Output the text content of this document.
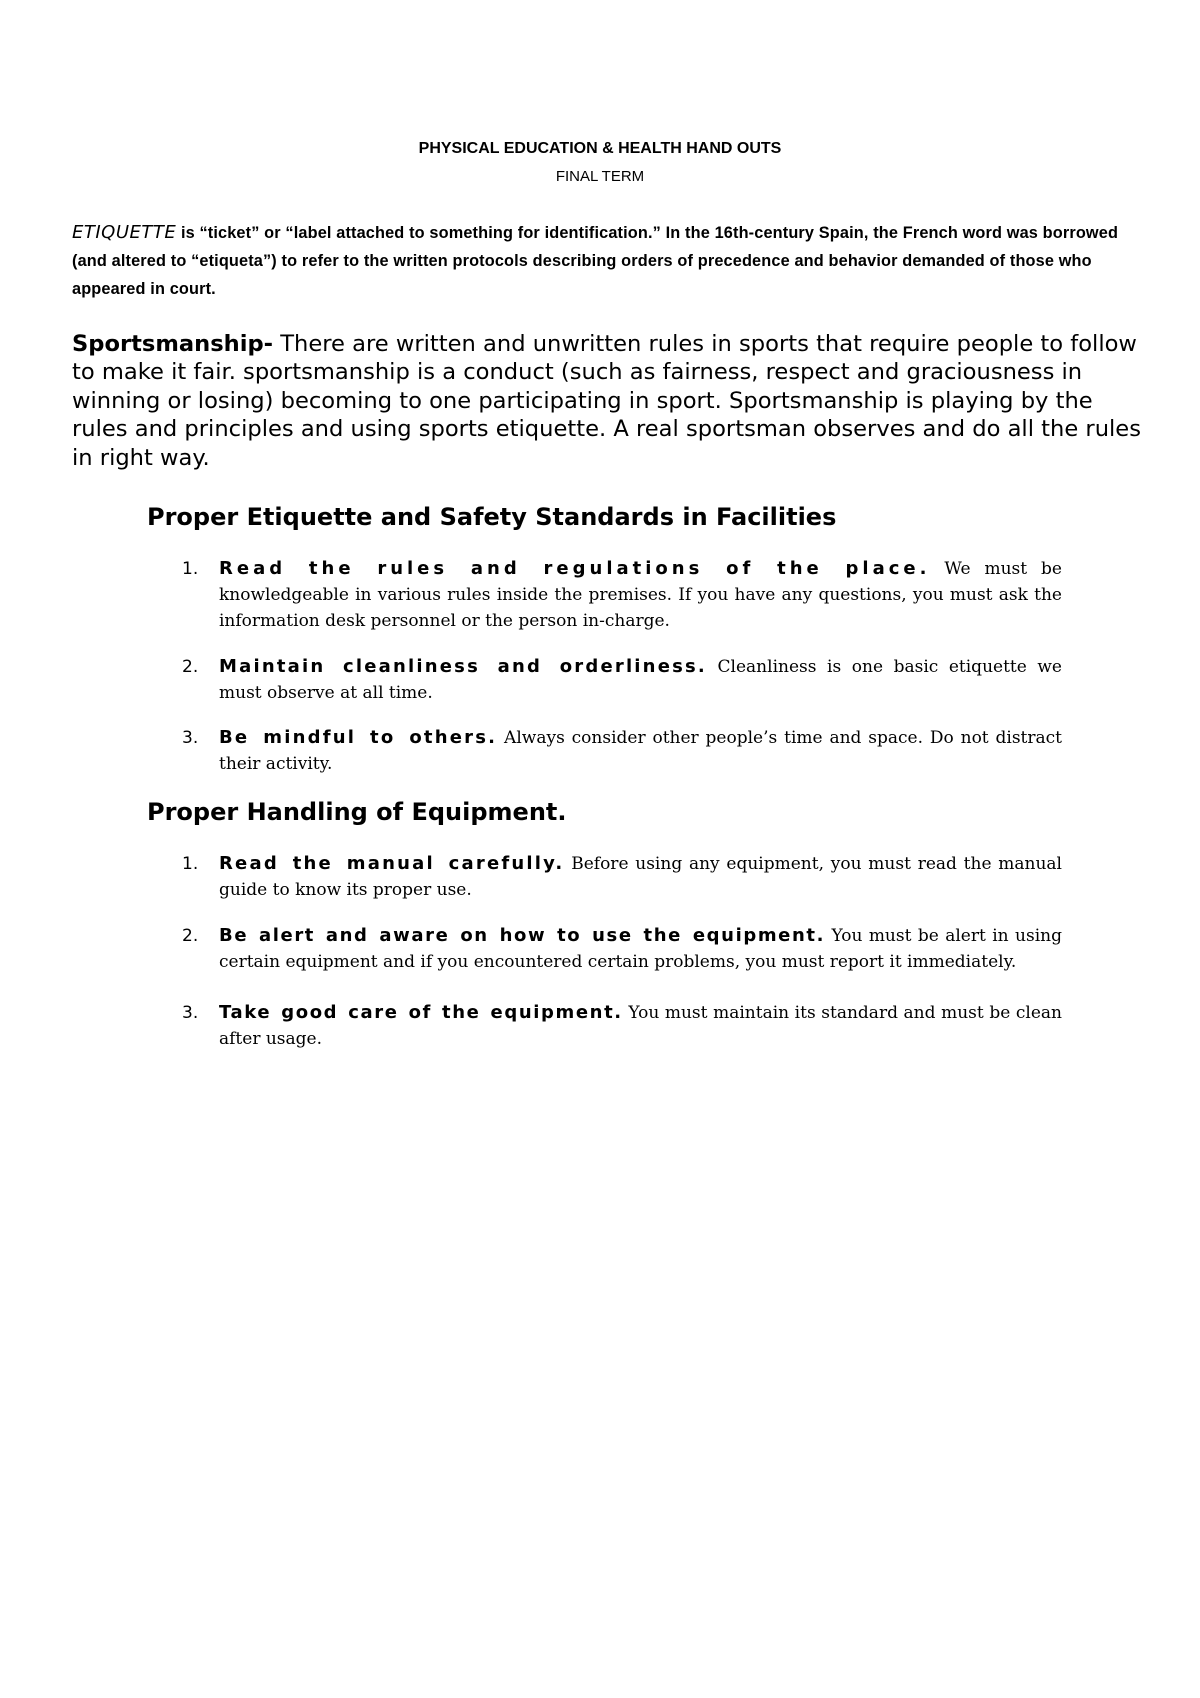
PHYSICAL EDUCATION & HEALTH HAND OUTS
FINAL TERM
ETIQUETTE is “ticket” or “label attached to something for identification.” In the 16th-century Spain, the French word was borrowed (and altered to “etiqueta”) to refer to the written protocols describing orders of precedence and behavior demanded of those who appeared in court.
Sportsmanship- There are written and unwritten rules in sports that require people to follow to make it fair. sportsmanship is a conduct (such as fairness, respect and graciousness in winning or losing) becoming to one participating in sport. Sportsmanship is playing by the rules and principles and using sports etiquette. A real sportsman observes and do all the rules in right way.
Proper Etiquette and Safety Standards in Facilities
1. Read the rules and regulations of the place. We must be knowledgeable in various rules inside the premises. If you have any questions, you must ask the information desk personnel or the person in-charge.
2. Maintain cleanliness and orderliness. Cleanliness is one basic etiquette we must observe at all time.
3. Be mindful to others. Always consider other people’s time and space. Do not distract their activity.
Proper Handling of Equipment.
1. Read the manual carefully. Before using any equipment, you must read the manual guide to know its proper use.
2. Be alert and aware on how to use the equipment. You must be alert in using certain equipment and if you encountered certain problems, you must report it immediately.
3. Take good care of the equipment. You must maintain its standard and must be clean after usage.
